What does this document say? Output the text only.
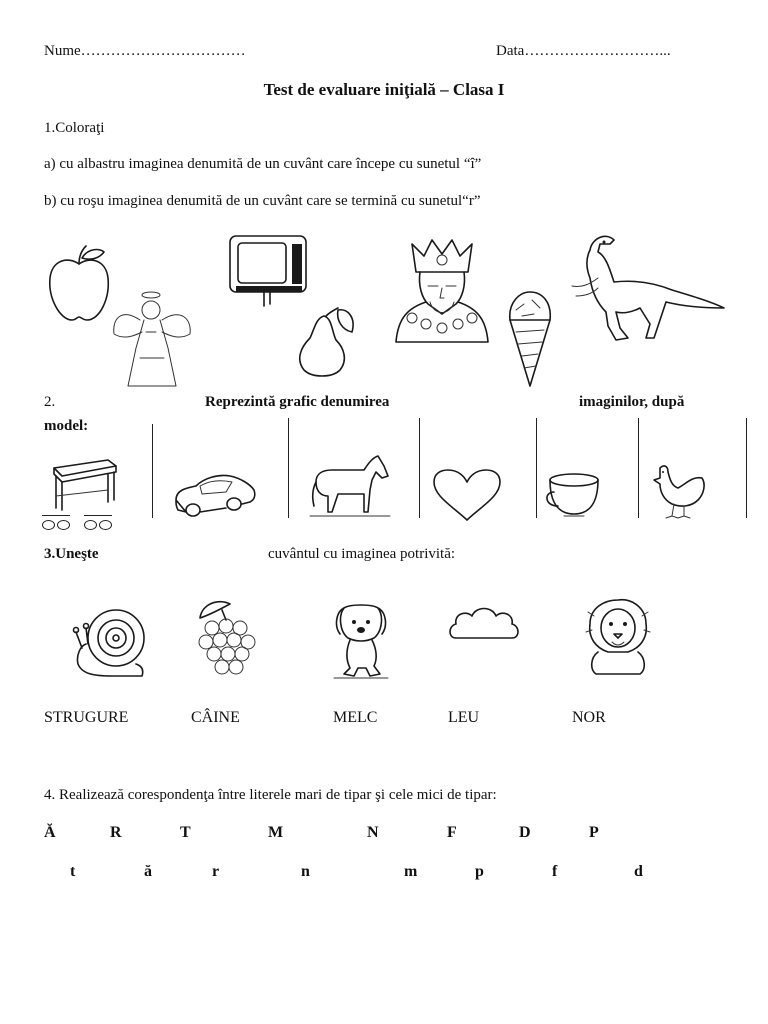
Nume……………………………	Data………………………...
Test de evaluare iniţială – Clasa I
1.Coloraţi
a) cu albastru imaginea denumită de un cuvânt care începe cu sunetul “î”
b) cu roşu imaginea denumită de un cuvânt care se termină cu sunetul“r”
2.	Reprezintă grafic denumirea	imaginilor, după
model:
3.Uneşte	cuvântul cu imaginea potrivită:
STRUGURE	CÂINE	MELC	LEU	NOR
4. Realizează corespondenţa între literele mari de tipar şi cele mici de tipar:
Ă	R	T	M	N	F	D	P
t	ă	r	n	m	p	f	d
